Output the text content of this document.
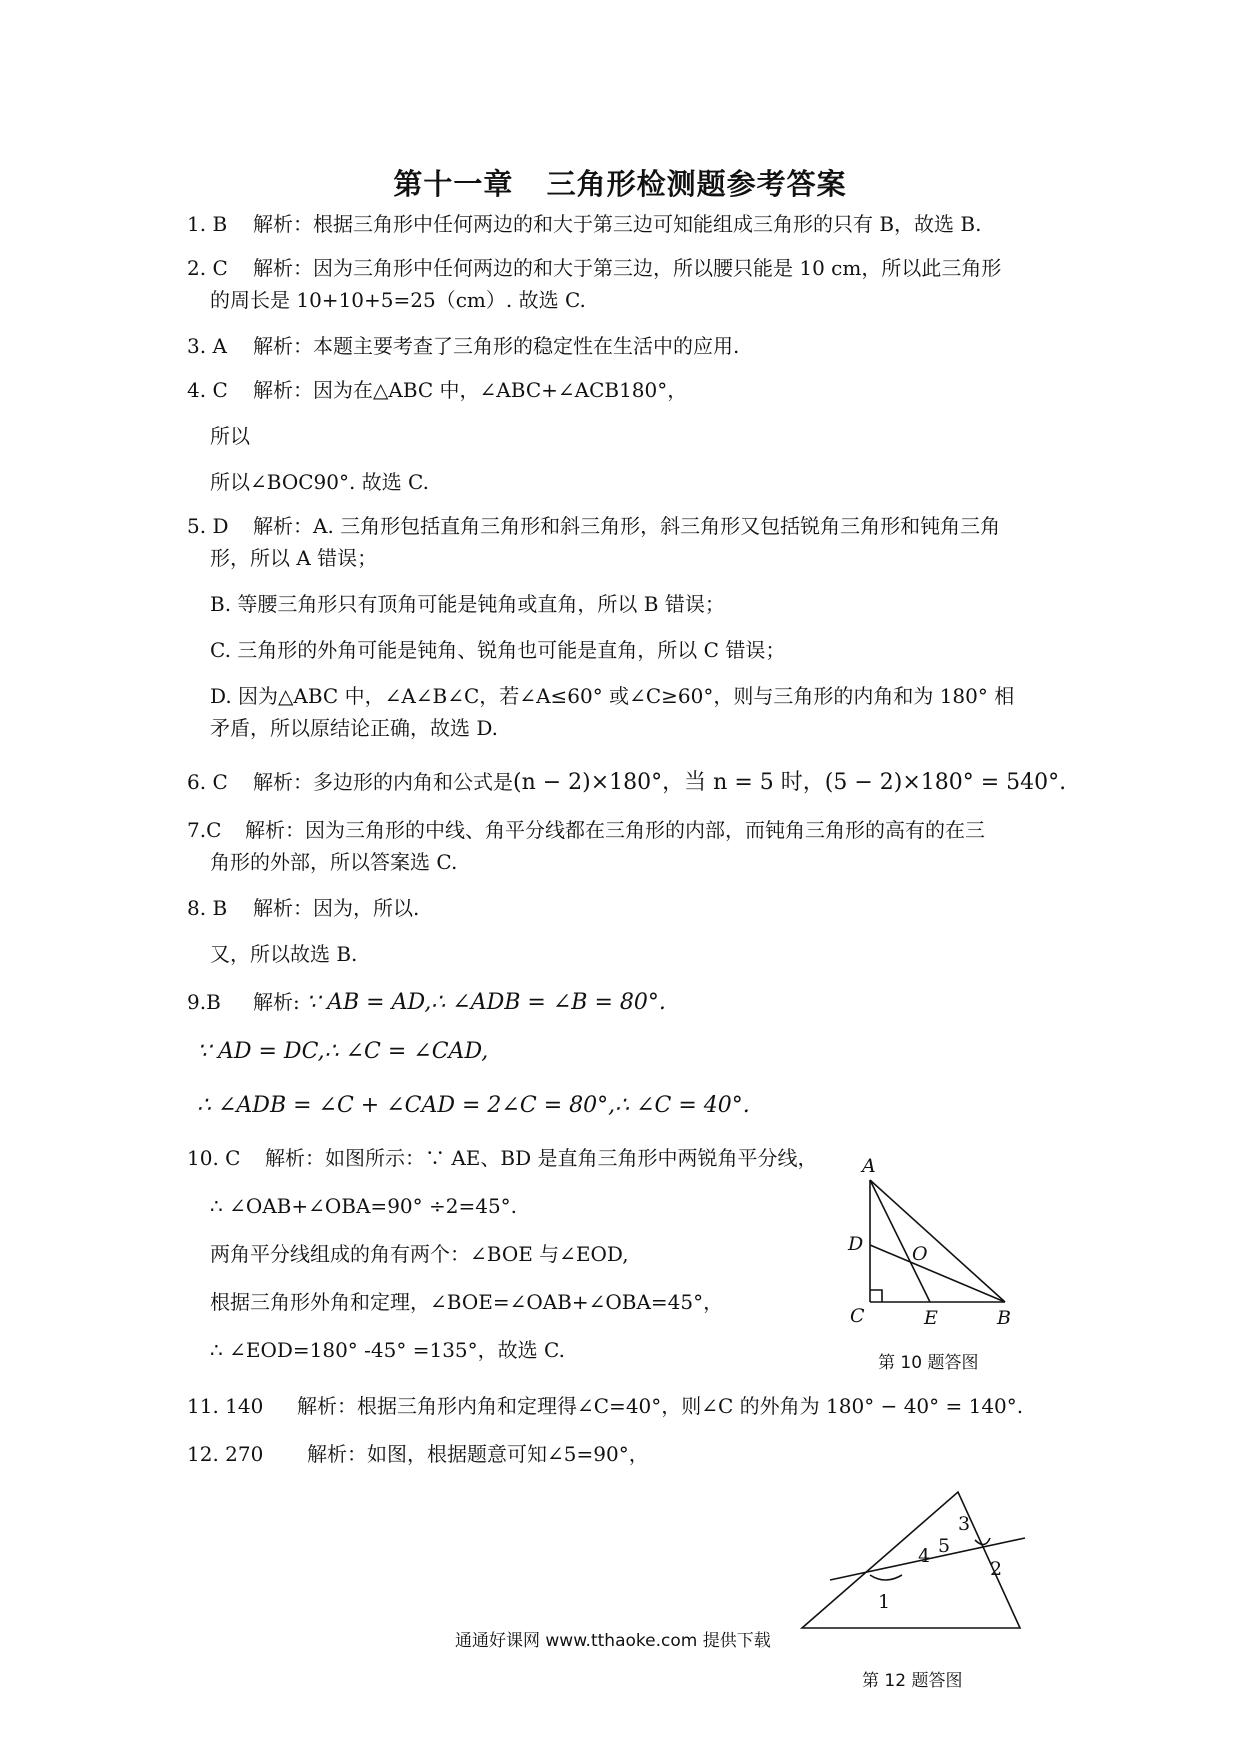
第十一章   三角形检测题参考答案
1. B 解析：根据三角形中任何两边的和大于第三边可知能组成三角形的只有 B，故选 B.
2. C 解析：因为三角形中任何两边的和大于第三边，所以腰只能是 10 cm，所以此三角形
的周长是 10+10+5=25（cm）. 故选 C.
3. A 解析：本题主要考查了三角形的稳定性在生活中的应用.
4. C 解析：因为在△ABC 中，∠ABC+∠ACB180°，
所以
所以∠BOC90°. 故选 C.
5. D 解析：A. 三角形包括直角三角形和斜三角形，斜三角形又包括锐角三角形和钝角三角
形，所以 A 错误；
B. 等腰三角形只有顶角可能是钝角或直角，所以 B 错误；
C. 三角形的外角可能是钝角、锐角也可能是直角，所以 C 错误；
D. 因为△ABC 中，∠A∠B∠C，若∠A≤60° 或∠C≥60°，则与三角形的内角和为 180° 相
矛盾，所以原结论正确，故选 D.
6. C 解析：多边形的内角和公式是(n − 2)×180°，当 n = 5 时，(5 − 2)×180° = 540°.
7.C 解析：因为三角形的中线、角平分线都在三角形的内部，而钝角三角形的高有的在三
角形的外部，所以答案选 C.
8. B 解析：因为，所以.
又，所以故选 B.
9.B 解析: ∵ AB = AD,∴ ∠ADB = ∠B = 80°.
∵ AD = DC,∴ ∠C = ∠CAD,
∴ ∠ADB = ∠C + ∠CAD = 2∠C = 80°,∴ ∠C = 40°.
10. C 解析：如图所示：∵ AE、BD 是直角三角形中两锐角平分线，
∴ ∠OAB+∠OBA=90° ÷2=45°.
两角平分线组成的角有两个：∠BOE 与∠EOD,
根据三角形外角和定理，∠BOE=∠OAB+∠OBA=45°，
∴ ∠EOD=180° -45° =135°，故选 C.
A
D	O
C	E	B
第 10 题答图
11. 140 解析：根据三角形内角和定理得∠C=40°，则∠C 的外角为 180° − 40° = 140°.
12. 270 解析：如图，根据题意可知∠5=90°，
1
2
4 5
3
第 12 题答图
通通好课网 www.tthaoke.com 提供下载
